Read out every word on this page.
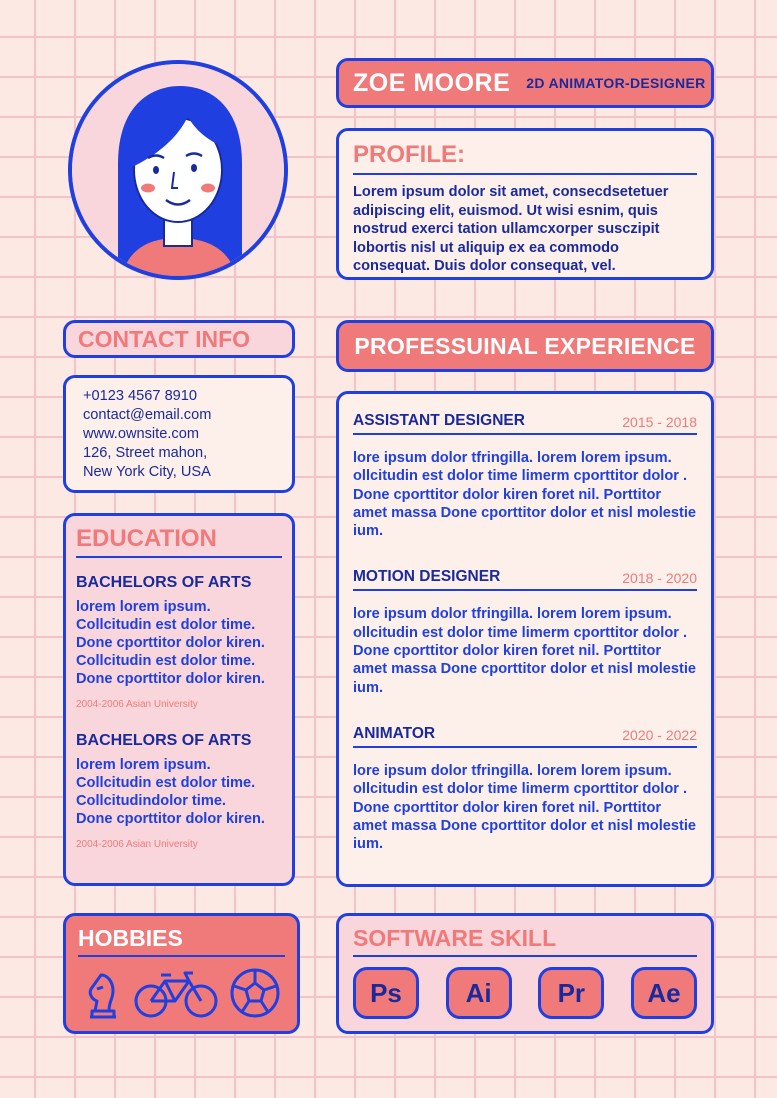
ZOE MOORE 2D ANIMATOR-DESIGNER
PROFILE:

Lorem ipsum dolor sit amet, consecdsetetuer adipiscing elit, euismod. Ut wisi esnim, quis nostrud exerci tation ullamcxorper susczipit lobortis nisl ut aliquip ex ea commodo consequat. Duis dolor consequat, vel.

CONTACT INFO
+0123 4567 8910
contact@email.com
www.ownsite.com
126, Street mahon,
New York City, USA
EDUCATION
BACHELORS OF ARTS

lorem lorem ipsum.

Collcitudin est dolor time.

Done cporttitor dolor kiren.

Collcitudin est dolor time.

Done cporttitor dolor kiren.

2004-2006 Asian University
BACHELORS OF ARTS

lorem lorem ipsum.

Collcitudin est dolor time.

Collcitudindolor time.

Done cporttitor dolor kiren.

2004-2006 Asian University
PROFESSUINAL EXPERIENCE
ASSISTANT DESIGNER	2015 - 2018

lore ipsum dolor tfringilla. lorem lorem ipsum. ollcitudin est dolor time limerm cporttitor dolor . Done cporttitor dolor kiren foret nil. Porttitor amet massa Done cporttitor dolor et nisl molestie ium.

MOTION DESIGNER	2018 - 2020

lore ipsum dolor tfringilla. lorem lorem ipsum. ollcitudin est dolor time limerm cporttitor dolor . Done cporttitor dolor kiren foret nil. Porttitor amet massa Done cporttitor dolor et nisl molestie ium.

ANIMATOR	2020 - 2022

lore ipsum dolor tfringilla. lorem lorem ipsum. ollcitudin est dolor time limerm cporttitor dolor . Done cporttitor dolor kiren foret nil. Porttitor amet massa Done cporttitor dolor et nisl molestie ium.

HOBBIES	SOFTWARE SKILL
Ps	Ai	Pr	Ae
